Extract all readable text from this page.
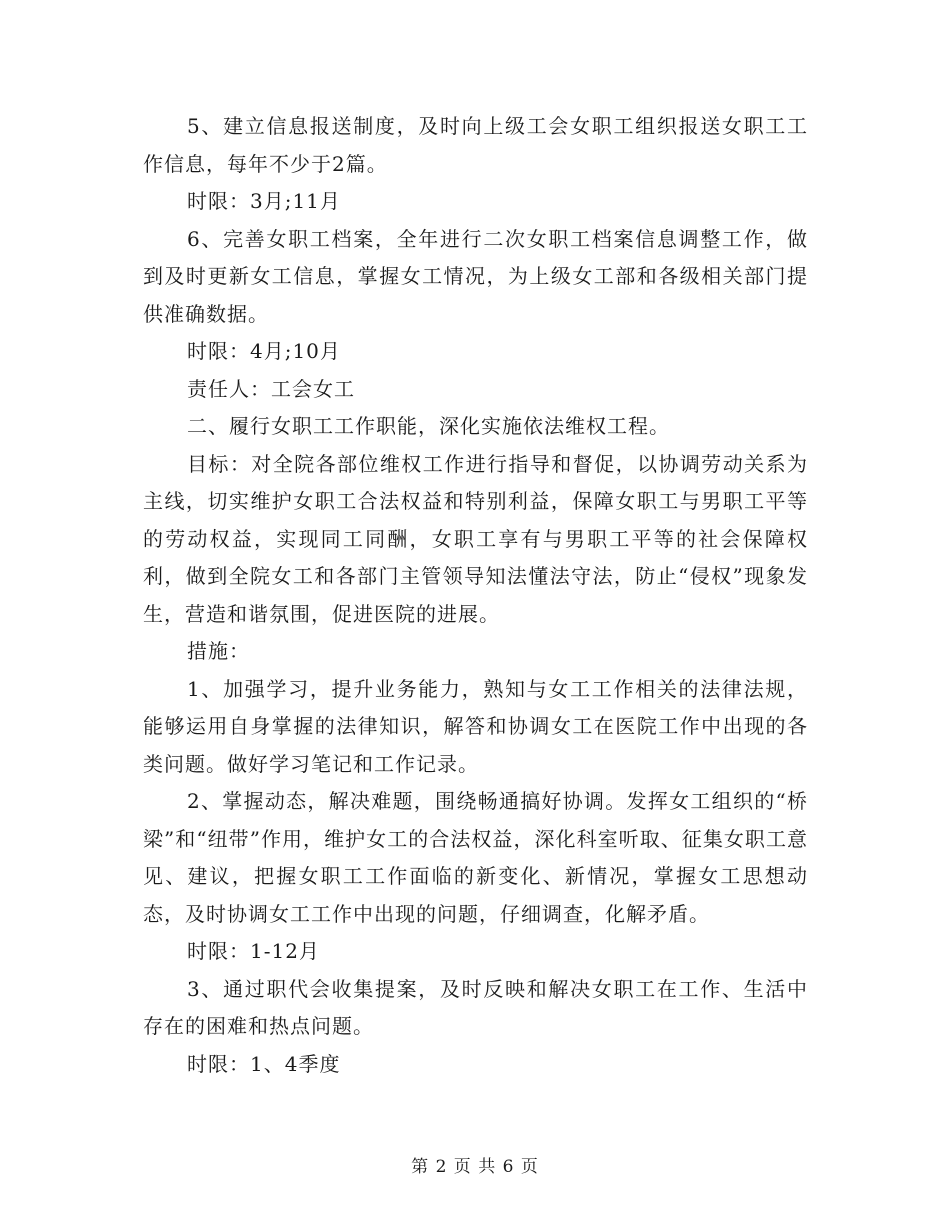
5、建立信息报送制度，及时向上级工会女职工组织报送女职工工作信息，每年不少于2篇。

时限：3月;11月

6、完善女职工档案，全年进行二次女职工档案信息调整工作，做到及时更新女工信息，掌握女工情况，为上级女工部和各级相关部门提供准确数据。

时限：4月;10月

责任人：工会女工

二、履行女职工工作职能，深化实施依法维权工程。

目标：对全院各部位维权工作进行指导和督促，以协调劳动关系为主线，切实维护女职工合法权益和特别利益，保障女职工与男职工平等的劳动权益，实现同工同酬，女职工享有与男职工平等的社会保障权利，做到全院女工和各部门主管领导知法懂法守法，防止“侵权”现象发生，营造和谐氛围，促进医院的进展。

措施：

1、加强学习，提升业务能力，熟知与女工工作相关的法律法规，能够运用自身掌握的法律知识，解答和协调女工在医院工作中出现的各类问题。做好学习笔记和工作记录。

2、掌握动态，解决难题，围绕畅通搞好协调。发挥女工组织的“桥梁”和“纽带”作用，维护女工的合法权益，深化科室听取、征集女职工意见、建议，把握女职工工作面临的新变化、新情况，掌握女工思想动态，及时协调女工工作中出现的问题，仔细调查，化解矛盾。

时限：1-12月

3、通过职代会收集提案，及时反映和解决女职工在工作、生活中存在的困难和热点问题。

时限：1、4季度

第 2 页 共 6 页
